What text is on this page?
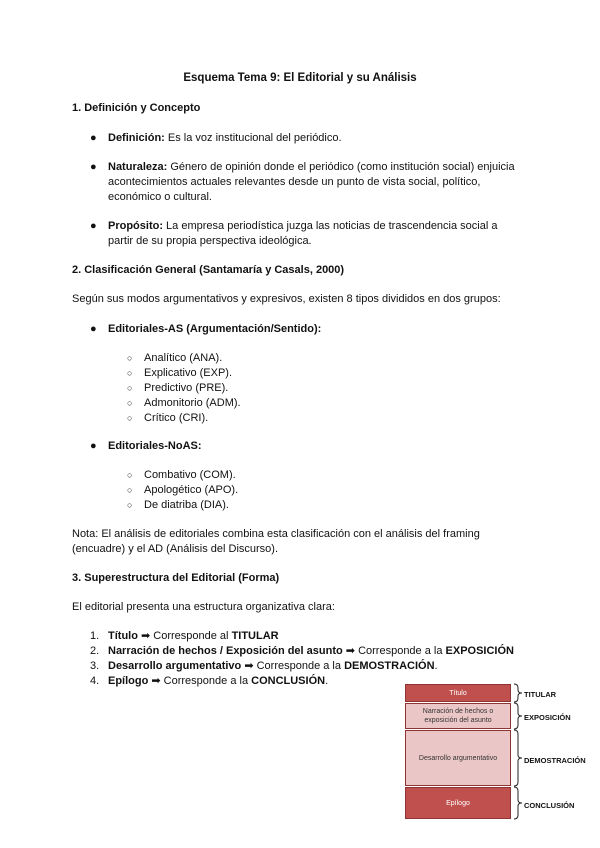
Esquema Tema 9: El Editorial y su Análisis
1. Definición y Concepto
● Definición: Es la voz institucional del periódico.
● Naturaleza: Género de opinión donde el periódico (como institución social) enjuicia
acontecimientos actuales relevantes desde un punto de vista social, político,
económico o cultural.
● Propósito: La empresa periodística juzga las noticias de trascendencia social a
partir de su propia perspectiva ideológica.
2. Clasificación General (Santamaría y Casals, 2000)
Según sus modos argumentativos y expresivos, existen 8 tipos divididos en dos grupos:
● Editoriales-AS (Argumentación/Sentido):
○ Analítico (ANA).
○ Explicativo (EXP).
○ Predictivo (PRE).
○ Admonitorio (ADM).
○ Crítico (CRI).
● Editoriales-NoAS:
○ Combativo (COM).
○ Apologético (APO).
○ De diatriba (DIA).
Nota: El análisis de editoriales combina esta clasificación con el análisis del framing
(encuadre) y el AD (Análisis del Discurso).
3. Superestructura del Editorial (Forma)
El editorial presenta una estructura organizativa clara:
1. Título ➡ Corresponde al TITULAR
2. Narración de hechos / Exposición del asunto ➡ Corresponde a la EXPOSICIÓN
3. Desarrollo argumentativo ➡ Corresponde a la DEMOSTRACIÓN.
4. Epílogo ➡ Corresponde a la CONCLUSIÓN.
Título
Narración de hechos o exposición del asunto
Desarrollo argumentativo
Epílogo
TITULAR
EXPOSICIÓN
DEMOSTRACIÓN
CONCLUSIÓN
